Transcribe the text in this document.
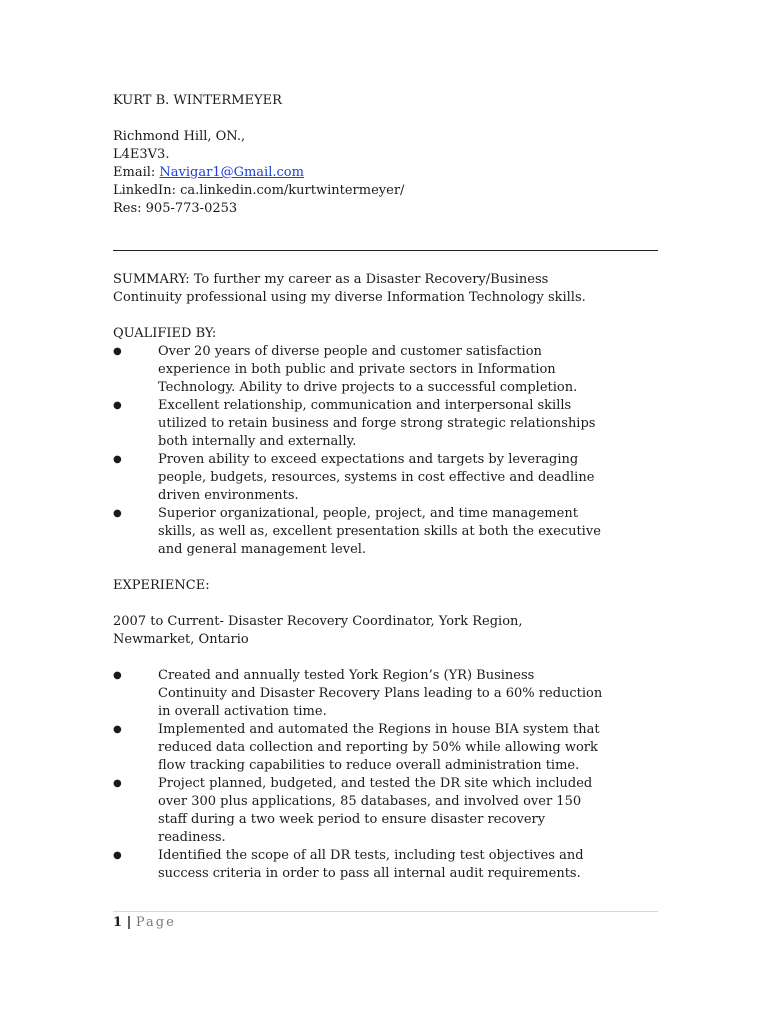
KURT B. WINTERMEYER
Richmond Hill, ON.,
L4E3V3.
Email: Navigar1@Gmail.com
LinkedIn: ca.linkedin.com/kurtwintermeyer/
Res: 905-773-0253
SUMMARY: To further my career as a Disaster Recovery/Business
Continuity professional using my diverse Information Technology skills.
QUALIFIED BY:
●	Over 20 years of diverse people and customer satisfaction
experience in both public and private sectors in Information
Technology. Ability to drive projects to a successful completion.
●	Excellent relationship, communication and interpersonal skills
utilized to retain business and forge strong strategic relationships
both internally and externally.
●	Proven ability to exceed expectations and targets by leveraging
people, budgets, resources, systems in cost effective and deadline
driven environments.
●	Superior organizational, people, project, and time management
skills, as well as, excellent presentation skills at both the executive
and general management level.
EXPERIENCE:
2007 to Current- Disaster Recovery Coordinator, York Region,
Newmarket, Ontario
●	Created and annually tested York Region’s (YR) Business
Continuity and Disaster Recovery Plans leading to a 60% reduction
in overall activation time.
●	Implemented and automated the Regions in house BIA system that
reduced data collection and reporting by 50% while allowing work
flow tracking capabilities to reduce overall administration time.
●	Project planned, budgeted, and tested the DR site which included
over 300 plus applications, 85 databases, and involved over 150
staff during a two week period to ensure disaster recovery
readiness.
●	Identified the scope of all DR tests, including test objectives and
success criteria in order to pass all internal audit requirements.
1 | Page
